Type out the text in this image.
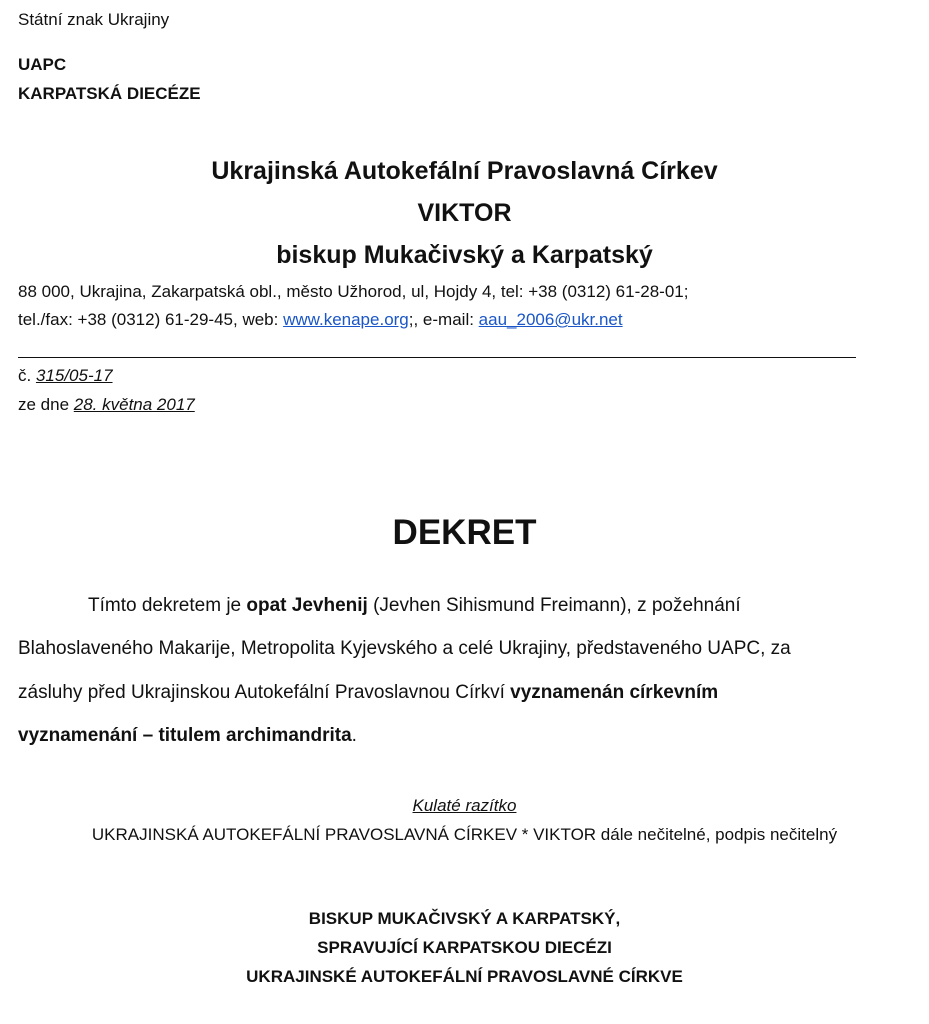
Státní znak Ukrajiny
UAPC
KARPATSKÁ DIECÉZE
Ukrajinská Autokefální Pravoslavná Církev
VIKTOR
biskup Mukačivský a Karpatský
88 000, Ukrajina, Zakarpatská obl., město Užhorod, ul, Hojdy 4, tel: +38 (0312) 61-28-01;
tel./fax: +38 (0312) 61-29-45, web: www.kenape.org;, e-mail: aau_2006@ukr.net
č. 315/05-17
ze dne 28. května 2017
DEKRET
Tímto dekretem je opat Jevhenij (Jevhen Sihismund Freimann), z požehnání
Blahoslaveného Makarije, Metropolita Kyjevského a celé Ukrajiny, představeného UAPC, za
zásluhy před Ukrajinskou Autokefální Pravoslavnou Církví vyznamenán církevním
vyznamenání – titulem archimandrita.
Kulaté razítko
UKRAJINSKÁ AUTOKEFÁLNÍ PRAVOSLAVNÁ CÍRKEV * VIKTOR dále nečitelné, podpis nečitelný
BISKUP MUKAČIVSKÝ A KARPATSKÝ,
SPRAVUJÍCÍ KARPATSKOU DIECÉZI
UKRAJINSKÉ AUTOKEFÁLNÍ PRAVOSLAVNÉ CÍRKVE
